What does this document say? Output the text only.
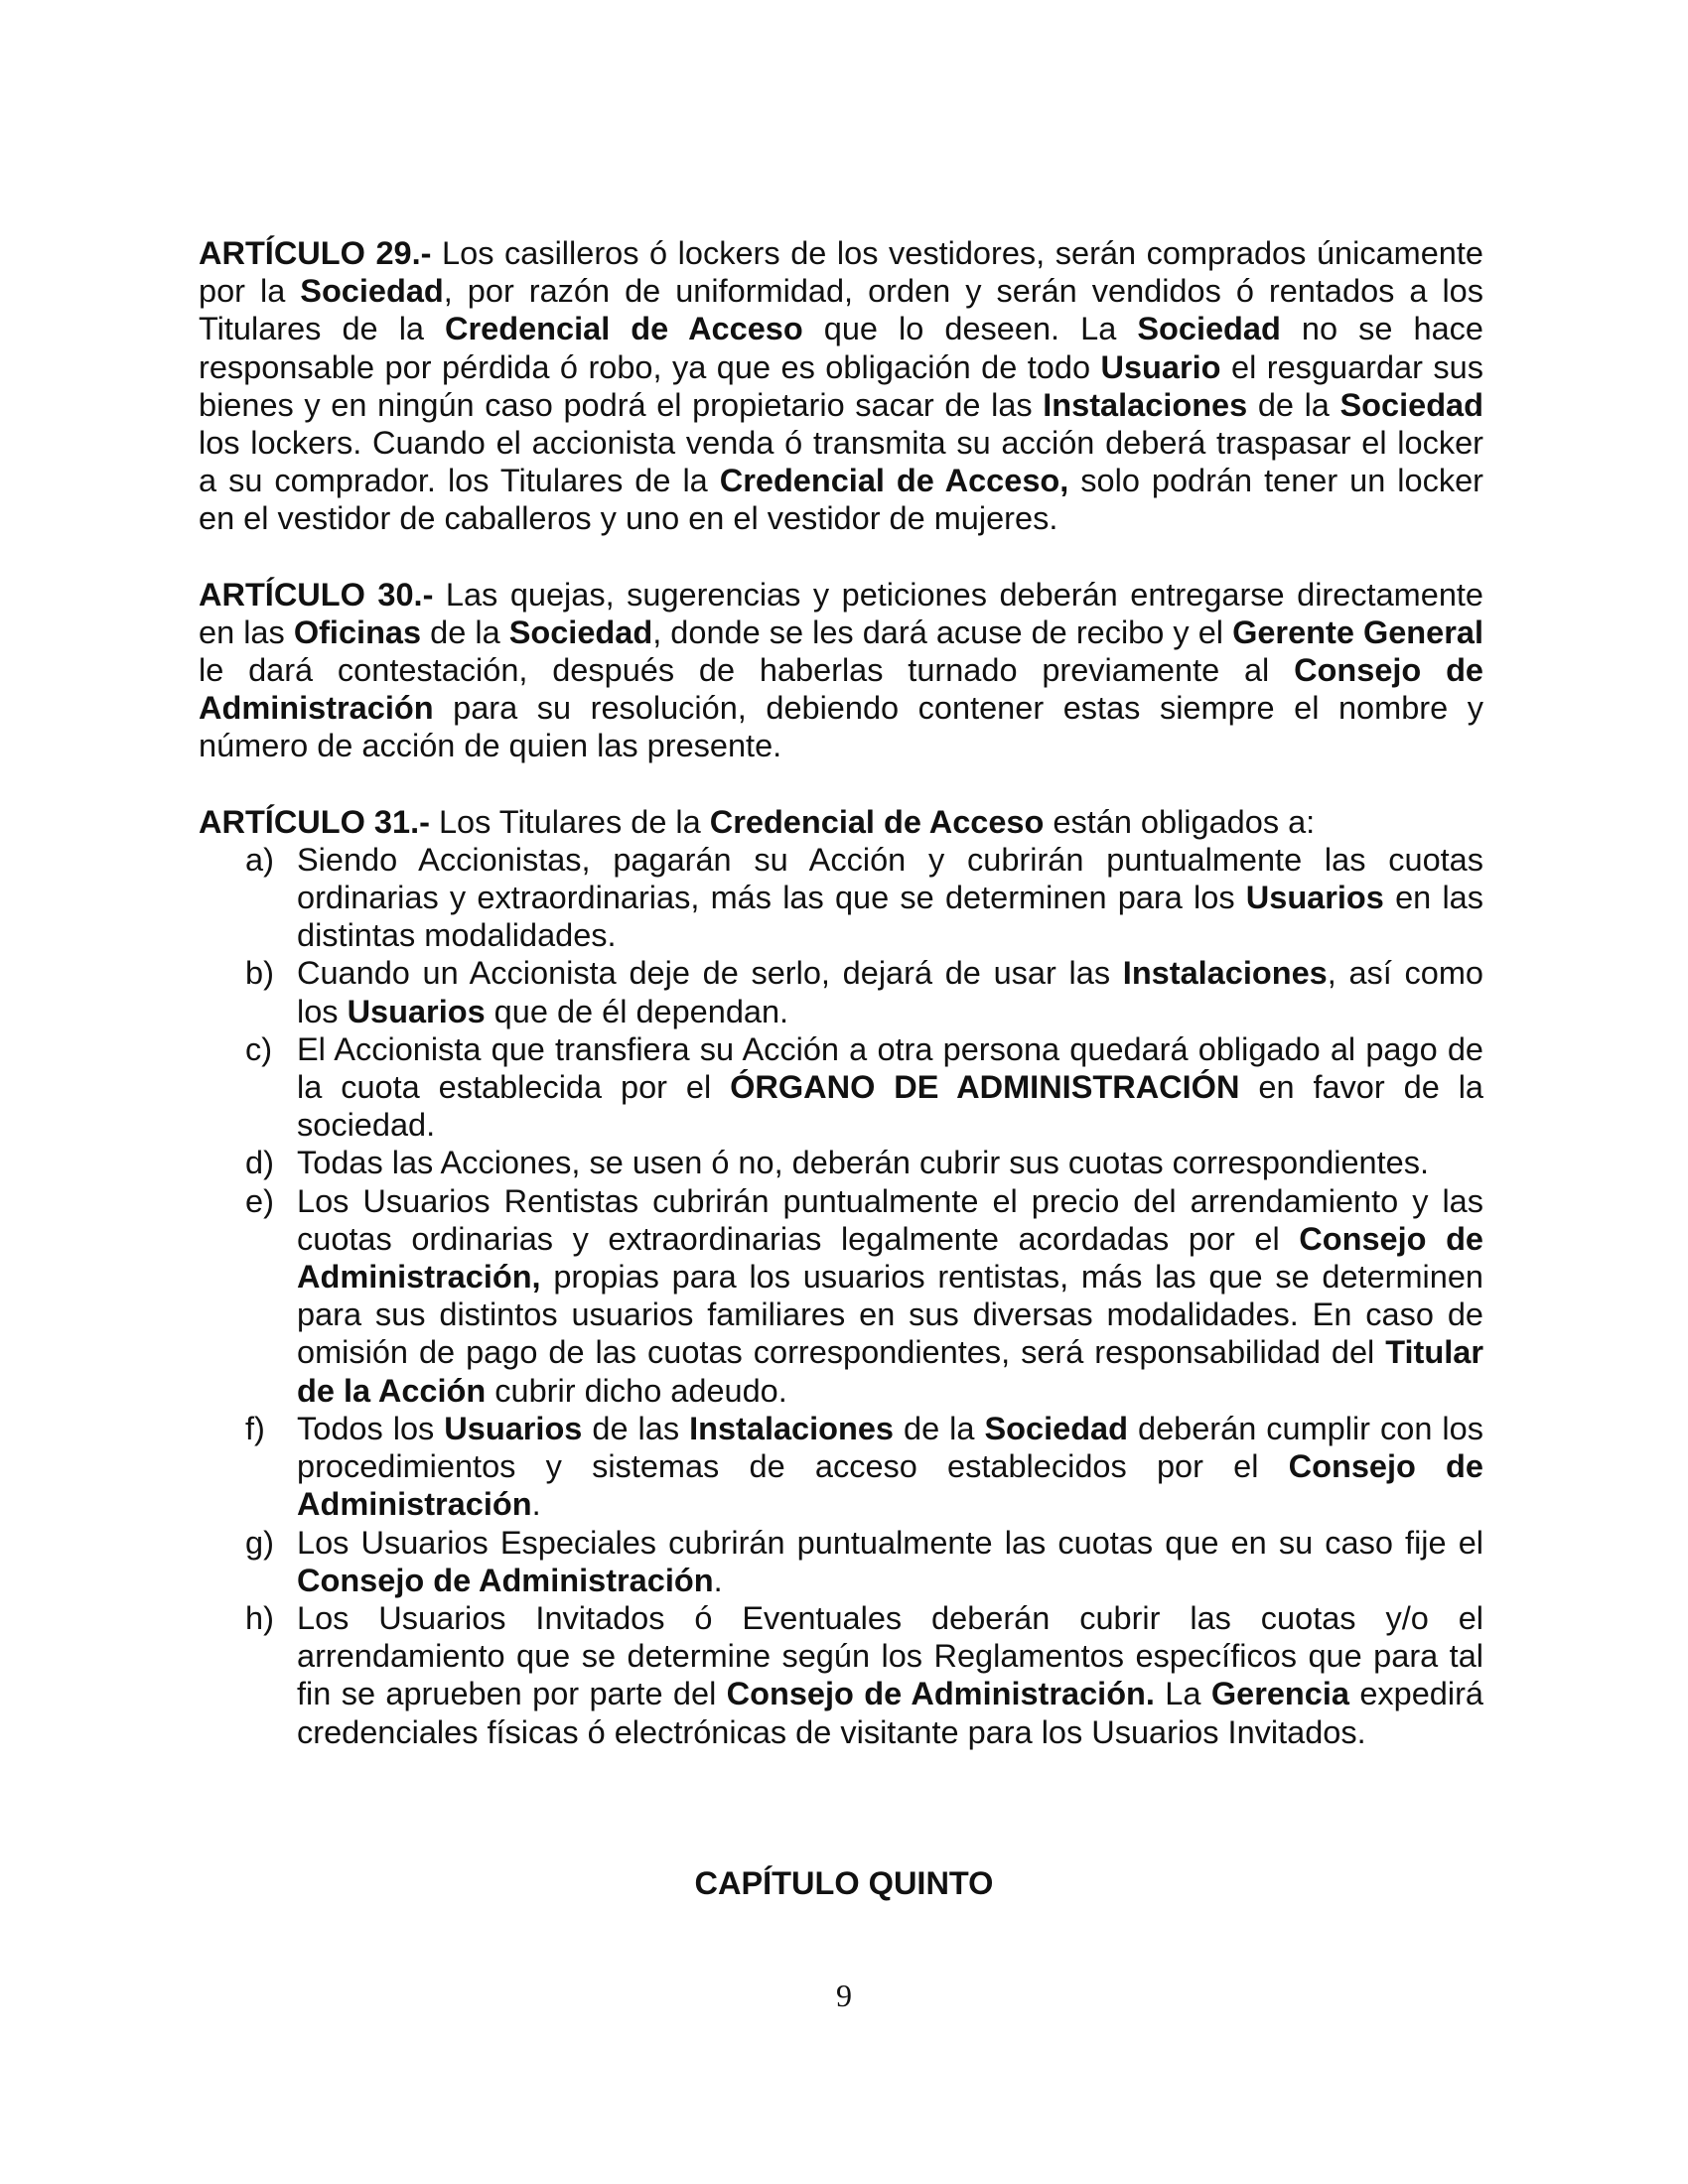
ARTÍCULO 29.- Los casilleros ó lockers de los vestidores, serán comprados únicamente por la Sociedad, por razón de uniformidad, orden y serán vendidos ó rentados a los Titulares de la Credencial de Acceso que lo deseen. La Sociedad no se hace responsable por pérdida ó robo, ya que es obligación de todo Usuario el resguardar sus bienes y en ningún caso podrá el propietario sacar de las Instalaciones de la Sociedad los lockers. Cuando el accionista venda ó transmita su acción deberá traspasar el locker a su comprador. los Titulares de la Credencial de Acceso, solo podrán tener un locker en el vestidor de caballeros y uno en el vestidor de mujeres.

ARTÍCULO 30.- Las quejas, sugerencias y peticiones deberán entregarse directamente en las Oficinas de la Sociedad, donde se les dará acuse de recibo y el Gerente General le dará contestación, después de haberlas turnado previamente al Consejo de Administración para su resolución, debiendo contener estas siempre el nombre y número de acción de quien las presente.

ARTÍCULO 31.- Los Titulares de la Credencial de Acceso están obligados a:

a) Siendo Accionistas, pagarán su Acción y cubrirán puntualmente las cuotas ordinarias y extraordinarias, más las que se determinen para los Usuarios en las distintas modalidades.
b) Cuando un Accionista deje de serlo, dejará de usar las Instalaciones, así como los Usuarios que de él dependan.
c) El Accionista que transfiera su Acción a otra persona quedará obligado al pago de la cuota establecida por el ÓRGANO DE ADMINISTRACIÓN en favor de la sociedad.
d) Todas las Acciones, se usen ó no, deberán cubrir sus cuotas correspondientes.
e) Los Usuarios Rentistas cubrirán puntualmente el precio del arrendamiento y las cuotas ordinarias y extraordinarias legalmente acordadas por el Consejo de Administración, propias para los usuarios rentistas, más las que se determinen para sus distintos usuarios familiares en sus diversas modalidades. En caso de omisión de pago de las cuotas correspondientes, será responsabilidad del Titular de la Acción cubrir dicho adeudo.
f) Todos los Usuarios de las Instalaciones de la Sociedad deberán cumplir con los procedimientos y sistemas de acceso establecidos por el Consejo de Administración.
g) Los Usuarios Especiales cubrirán puntualmente las cuotas que en su caso fije el Consejo de Administración.
h) Los Usuarios Invitados ó Eventuales deberán cubrir las cuotas y/o el arrendamiento que se determine según los Reglamentos específicos que para tal fin se aprueben por parte del Consejo de Administración. La Gerencia expedirá credenciales físicas ó electrónicas de visitante para los Usuarios Invitados.
CAPÍTULO QUINTO
9
